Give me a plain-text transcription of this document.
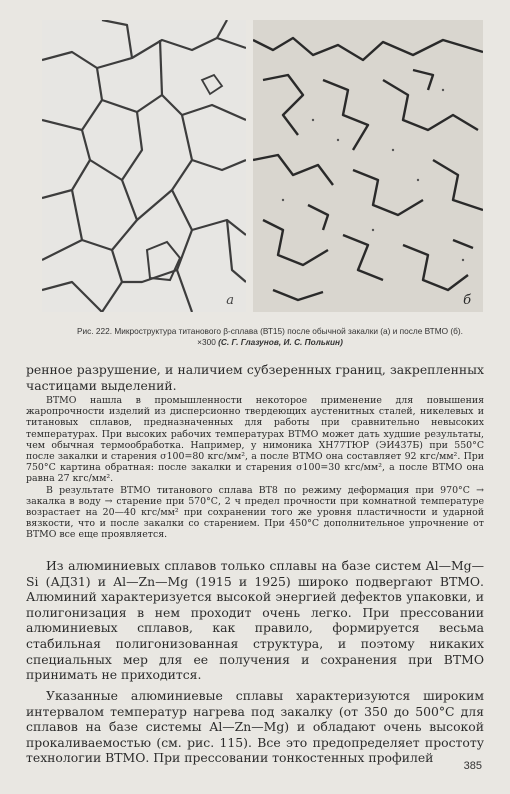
а	б
Рис. 222. Микроструктура титанового β-сплава (ВТ15) после обычной закалки (а) и после ВТМО (б). ×300 (С. Г. Глазунов, И. С. Полькин)

ренное разрушение, и наличием субзеренных границ, закрепленных частицами выделений.

ВТМО нашла в промышленности некоторое применение для повышения жаропрочности изделий из дисперсионно твердеющих аустенитных сталей, никелевых и титановых сплавов, предназначенных для работы при сравнительно невысоких температурах. При высоких рабочих температурах ВТМО может дать худшие результаты, чем обычная термообработка. Например, у нимоника ХН77ТЮР (ЭИ437Б) при 550°С после закалки и старения σ100=80 кгс/мм², а после ВТМО она составляет 92 кгс/мм². При 750°С картина обратная: после закалки и старения σ100=30 кгс/мм², а после ВТМО она равна 27 кгс/мм².

В результате ВТМО титанового сплава ВТ8 по режиму деформация при 970°С → закалка в воду → старение при 570°С, 2 ч предел прочности при комнатной температуре возрастает на 20—40 кгс/мм² при сохранении того же уровня пластичности и ударной вязкости, что и после закалки со старением. При 450°С дополнительное упрочнение от ВТМО все еще проявляется.

Из алюминиевых сплавов только сплавы на базе систем Al—Mg—Si (АД31) и Al—Zn—Mg (1915 и 1925) широко подвергают ВТМО. Алюминий характеризуется высокой энергией дефектов упаковки, и полигонизация в нем проходит очень легко. При прессовании алюминиевых сплавов, как правило, формируется весьма стабильная полигонизованная структура, и поэтому никаких специальных мер для ее получения и сохранения при ВТМО принимать не приходится.

Указанные алюминиевые сплавы характеризуются широким интервалом температур нагрева под закалку (от 350 до 500°С для сплавов на базе системы Al—Zn—Mg) и обладают очень высокой прокаливаемостью (см. рис. 115). Все это предопределяет простоту технологии ВТМО. При прессовании тонкостенных профилей

385
